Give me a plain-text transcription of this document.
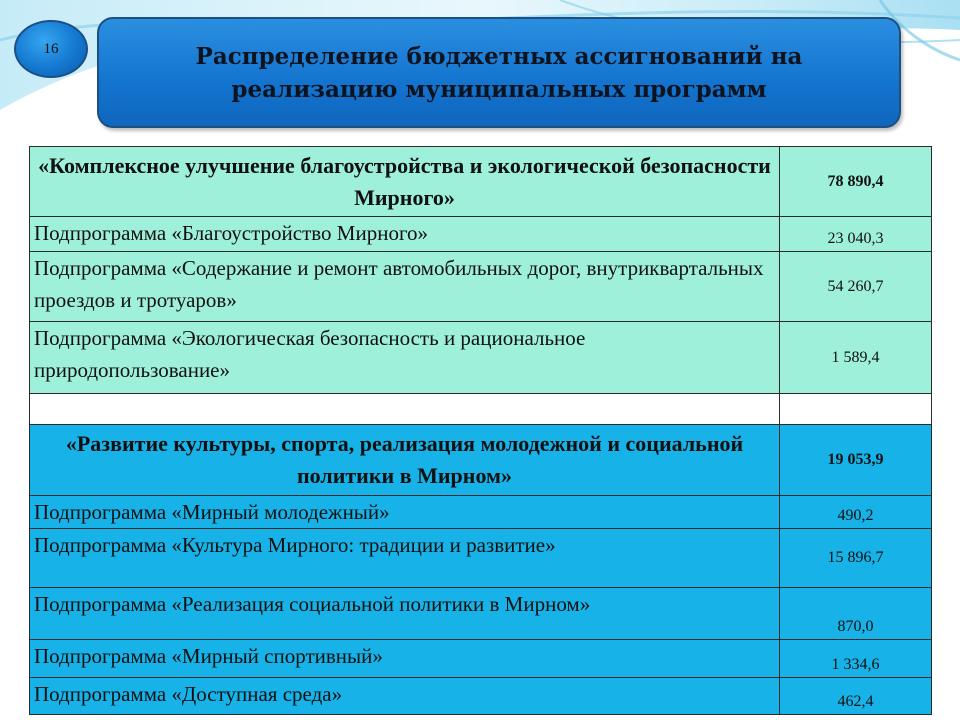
16	Распределение бюджетных ассигнований на
реализацию муниципальных программ
«Комплексное улучшение благоустройства и экологической безопасности Мирного»	78 890,4
Подпрограмма «Благоустройство Мирного»	23 040,3
Подпрограмма «Содержание и ремонт автомобильных дорог, внутриквартальных проездов и тротуаров»	54 260,7
Подпрограмма «Экологическая безопасность и рациональное природопользование»	1 589,4

«Развитие культуры, спорта, реализация молодежной и социальной политики в Мирном»	19 053,9
Подпрограмма «Мирный молодежный»	490,2
Подпрограмма «Культура Мирного: традиции и развитие»	15 896,7
Подпрограмма «Реализация социальной политики в Мирном»	870,0
Подпрограмма «Мирный спортивный»	1 334,6
Подпрограмма «Доступная среда»	462,4
